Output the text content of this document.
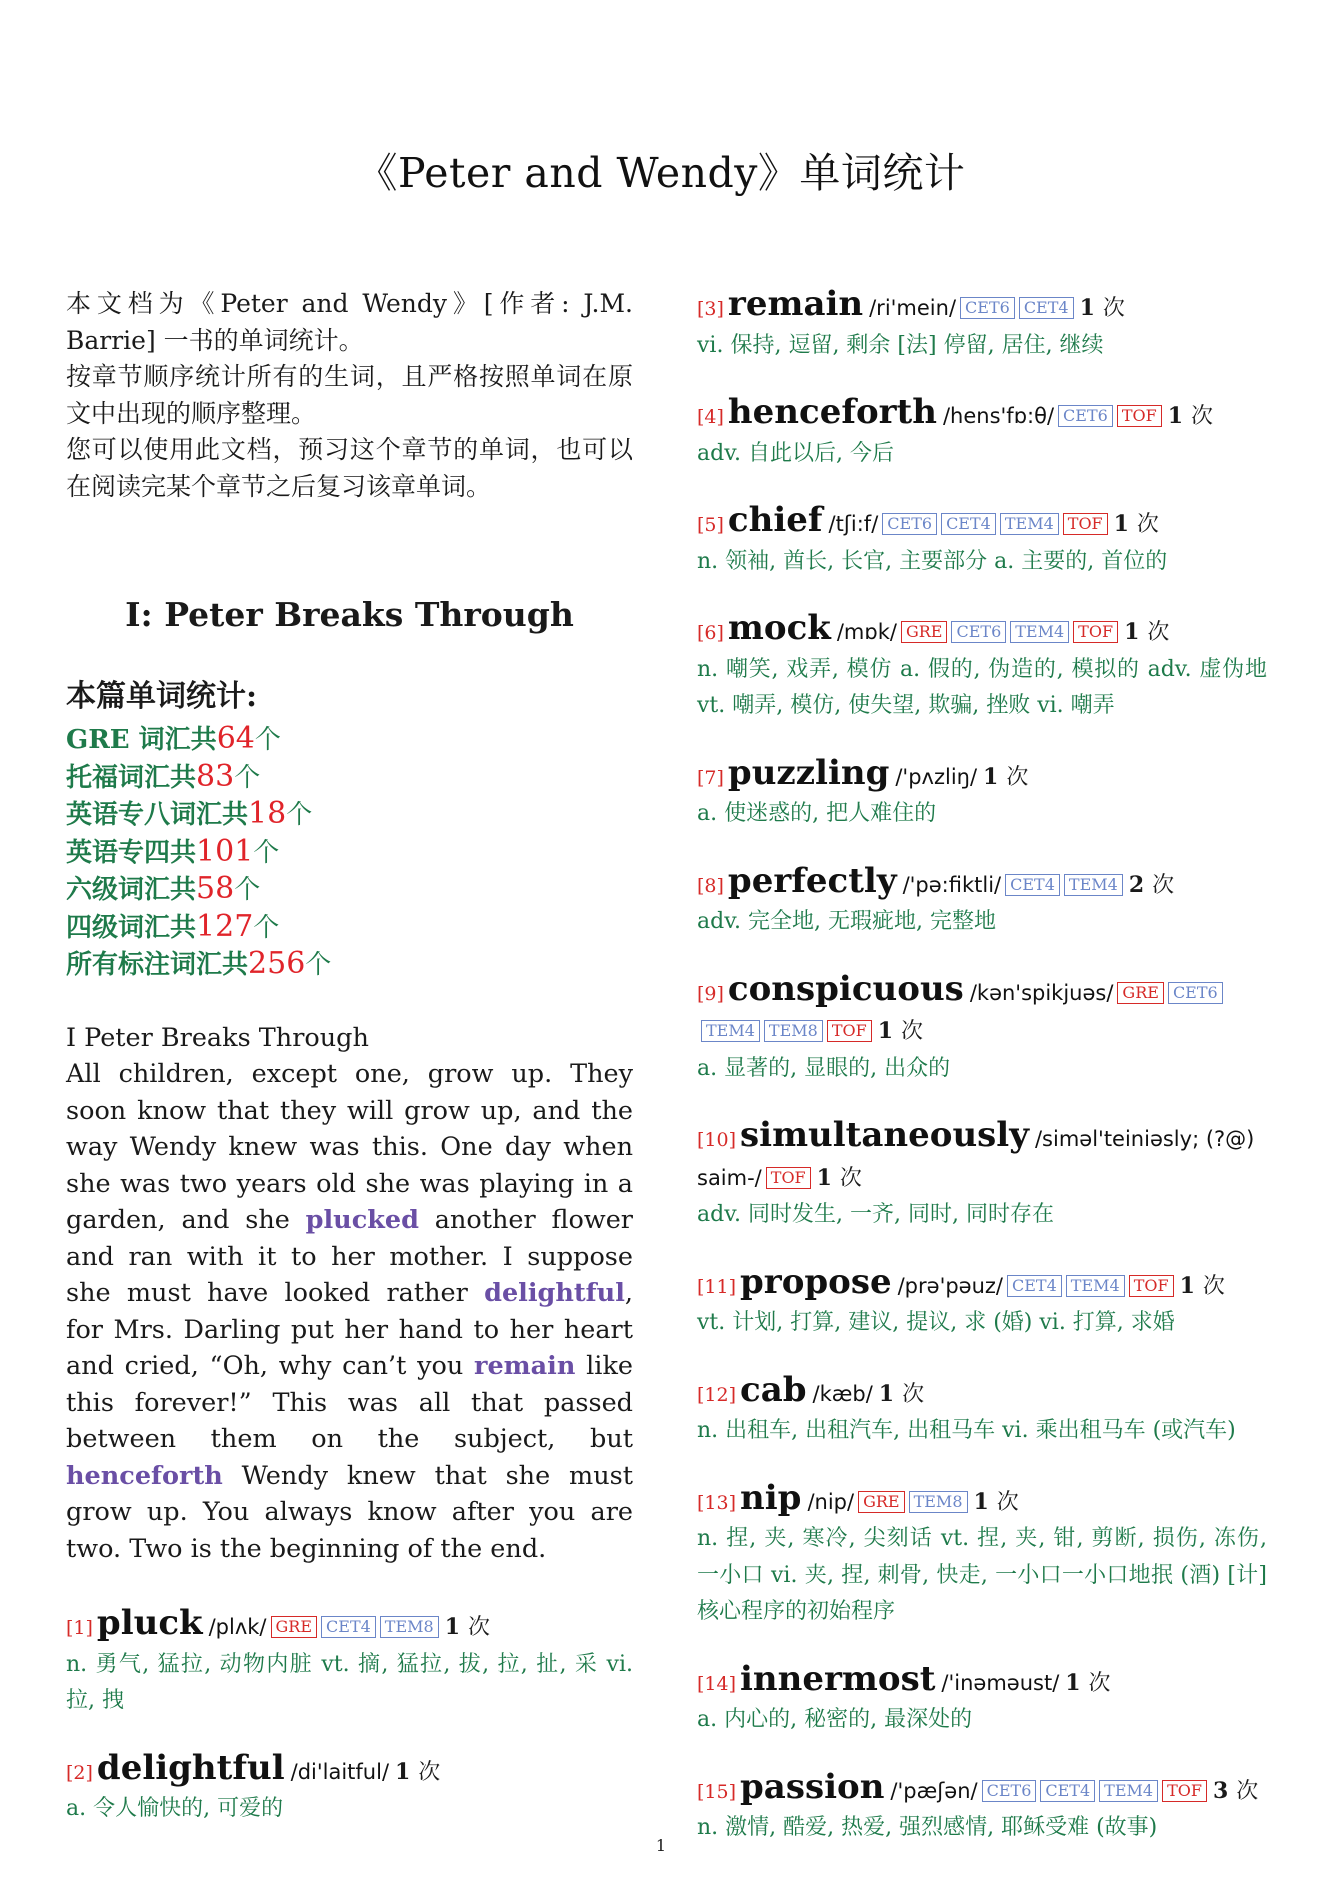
《Peter and Wendy》单词统计

本文档为《Peter and Wendy》[作者: J.M. Barrie] 一书的单词统计。

按章节顺序统计所有的生词，且严格按照单词在原文中出现的顺序整理。

您可以使用此文档，预习这个章节的单词，也可以在阅读完某个章节之后复习该章单词。

I: Peter Breaks Through
本篇单词统计:
GRE 词汇共64个
托福词汇共83个
英语专八词汇共18个
英语专四共101个
六级词汇共58个
四级词汇共127个
所有标注词汇共256个
I Peter Breaks Through
All children, except one, grow up. They soon know that they will grow up, and the way Wendy knew was this. One day when she was two years old she was playing in a garden, and she plucked another flower and ran with it to her mother. I suppose she must have looked rather delightful, for Mrs. Darling put her hand to her heart and cried, “Oh, why can’t you remain like this forever!” This was all that passed between them on the subject, but henceforth Wendy knew that she must grow up. You always know after you are two. Two is the beginning of the end.
[1] pluck /plʌk/ GRE CET4 TEM8 1 次
n. 勇气, 猛拉, 动物内脏 vt. 摘, 猛拉, 拔, 拉, 扯, 采 vi. 拉, 拽
[2] delightful /di'laitful/ 1 次
a. 令人愉快的, 可爱的
[3] remain /ri'mein/ CET6 CET4 1 次
vi. 保持, 逗留, 剩余 [法] 停留, 居住, 继续
[4] henceforth /hens'fɒ:θ/ CET6 TOF 1 次
adv. 自此以后, 今后
[5] chief /tʃi:f/ CET6 CET4 TEM4 TOF 1 次
n. 领袖, 酋长, 长官, 主要部分 a. 主要的, 首位的
[6] mock /mɒk/ GRE CET6 TEM4 TOF 1 次
n. 嘲笑, 戏弄, 模仿 a. 假的, 伪造的, 模拟的 adv. 虚伪地 vt. 嘲弄, 模仿, 使失望, 欺骗, 挫败 vi. 嘲弄
[7] puzzling /'pʌzliŋ/ 1 次
a. 使迷惑的, 把人难住的
[8] perfectly /'pə:fiktli/ CET4 TEM4 2 次
adv. 完全地, 无瑕疵地, 完整地
[9] conspicuous /kən'spikjuəs/ GRE CET6TEM4 TEM8 TOF 1 次
a. 显著的, 显眼的, 出众的
[10] simultaneously /siməl'teiniəsly; (?@) saim-/ TOF 1 次
adv. 同时发生, 一齐, 同时, 同时存在
[11] propose /prə'pəuz/ CET4 TEM4 TOF 1 次
vt. 计划, 打算, 建议, 提议, 求 (婚) vi. 打算, 求婚
[12] cab /kæb/ 1 次
n. 出租车, 出租汽车, 出租马车 vi. 乘出租马车 (或汽车)
[13] nip /nip/ GRE TEM8 1 次
n. 捏, 夹, 寒冷, 尖刻话 vt. 捏, 夹, 钳, 剪断, 损伤, 冻伤, 一小口 vi. 夹, 捏, 刺骨, 快走, 一小口一小口地抿 (酒) [计] 核心程序的初始程序
[14] innermost /'inəməust/ 1 次
a. 内心的, 秘密的, 最深处的
[15] passion /'pæʃən/ CET6 CET4 TEM4 TOF 3 次
n. 激情, 酷爱, 热爱, 强烈感情, 耶稣受难 (故事)
1
